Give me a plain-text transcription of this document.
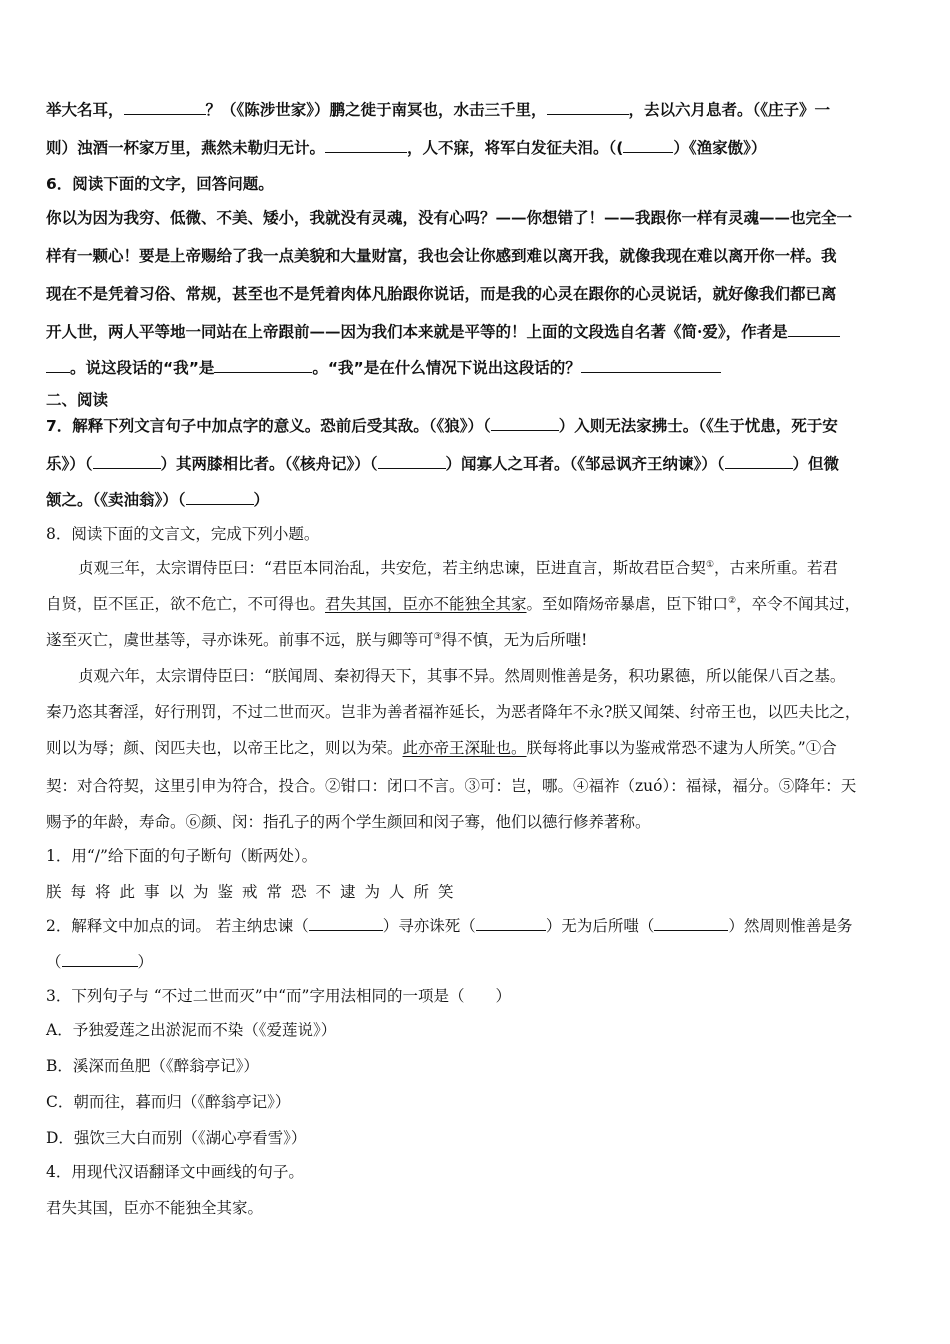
举大名耳，	？（《陈涉世家》）鹏之徙于南冥也，水击三千里，	，去以六月息者。（《庄子》一
则）浊酒一杯家万里，燕然未勒归无计。	，人不寐，将军白发征夫泪。（(	）《渔家傲》）
6．阅读下面的文字，回答问题。
你以为因为我穷、低微、不美、矮小，我就没有灵魂，没有心吗？——你想错了！——我跟你一样有灵魂——也完全一
样有一颗心！要是上帝赐给了我一点美貌和大量财富，我也会让你感到难以离开我，就像我现在难以离开你一样。我
现在不是凭着习俗、常规，甚至也不是凭着肉体凡胎跟你说话，而是我的心灵在跟你的心灵说话，就好像我们都已离
开人世，两人平等地一同站在上帝跟前——因为我们本来就是平等的！上面的文段选自名著《简·爱》，作者是
。说这段话的“我”是	。“我”是在什么情况下说出这段话的？
二、阅读
7．解释下列文言句子中加点字的意义。恐前后受其敌。（《狼》）（	）入则无法家拂士。（《生于忧患，死于安
乐》）（	）其两膝相比者。（《核舟记》）（	）闻寡人之耳者。（《邹忌讽齐王纳谏》）（	）但微
颔之。（《卖油翁》）（	）
8．阅读下面的文言文，完成下列小题。
贞观三年，太宗谓侍臣曰：“君臣本同治乱，共安危，若主纳忠谏，臣进直言，斯故君臣合契①，古来所重。若君
自贤，臣不匡正，欲不危亡，不可得也。君失其国，臣亦不能独全其家。至如隋炀帝暴虐，臣下钳口②，卒令不闻其过，
遂至灭亡，虞世基等，寻亦诛死。前事不远，朕与卿等可③得不慎，无为后所嗤!
贞观六年，太宗谓侍臣曰：“朕闻周、秦初得天下，其事不异。然周则惟善是务，积功累德，所以能保八百之基。
秦乃恣其奢淫，好行刑罚，不过二世而灭。岂非为善者福祚延长，为恶者降年不永?朕又闻桀、纣帝王也，以匹夫比之，
则以为辱；颜、闵匹夫也，以帝王比之，则以为荣。此亦帝王深耻也。朕每将此事以为鉴戒常恐不逮为人所笑。”①合
契：对合符契，这里引申为符合，投合。②钳口：闭口不言。③可：岂，哪。④福祚（zuó）：福禄，福分。⑤降年：天
赐予的年龄，寿命。⑥颜、闵：指孔子的两个学生颜回和闵子骞，他们以德行修养著称。
1．用“/”给下面的句子断句（断两处）。
朕每将此事以为鉴戒常恐不逮为人所笑
2．解释文中加点的词。 若主纳忠谏（	）寻亦诛死（	）无为后所嗤（	）然周则惟善是务
（	）
3．下列句子与 “不过二世而灭”中“而”字用法相同的一项是（　　）
A．予独爱莲之出淤泥而不染（《爱莲说》）
B．溪深而鱼肥（《醉翁亭记》）
C．朝而往，暮而归（《醉翁亭记》）
D．强饮三大白而别（《湖心亭看雪》）
4．用现代汉语翻译文中画线的句子。
君失其国，臣亦不能独全其家。
